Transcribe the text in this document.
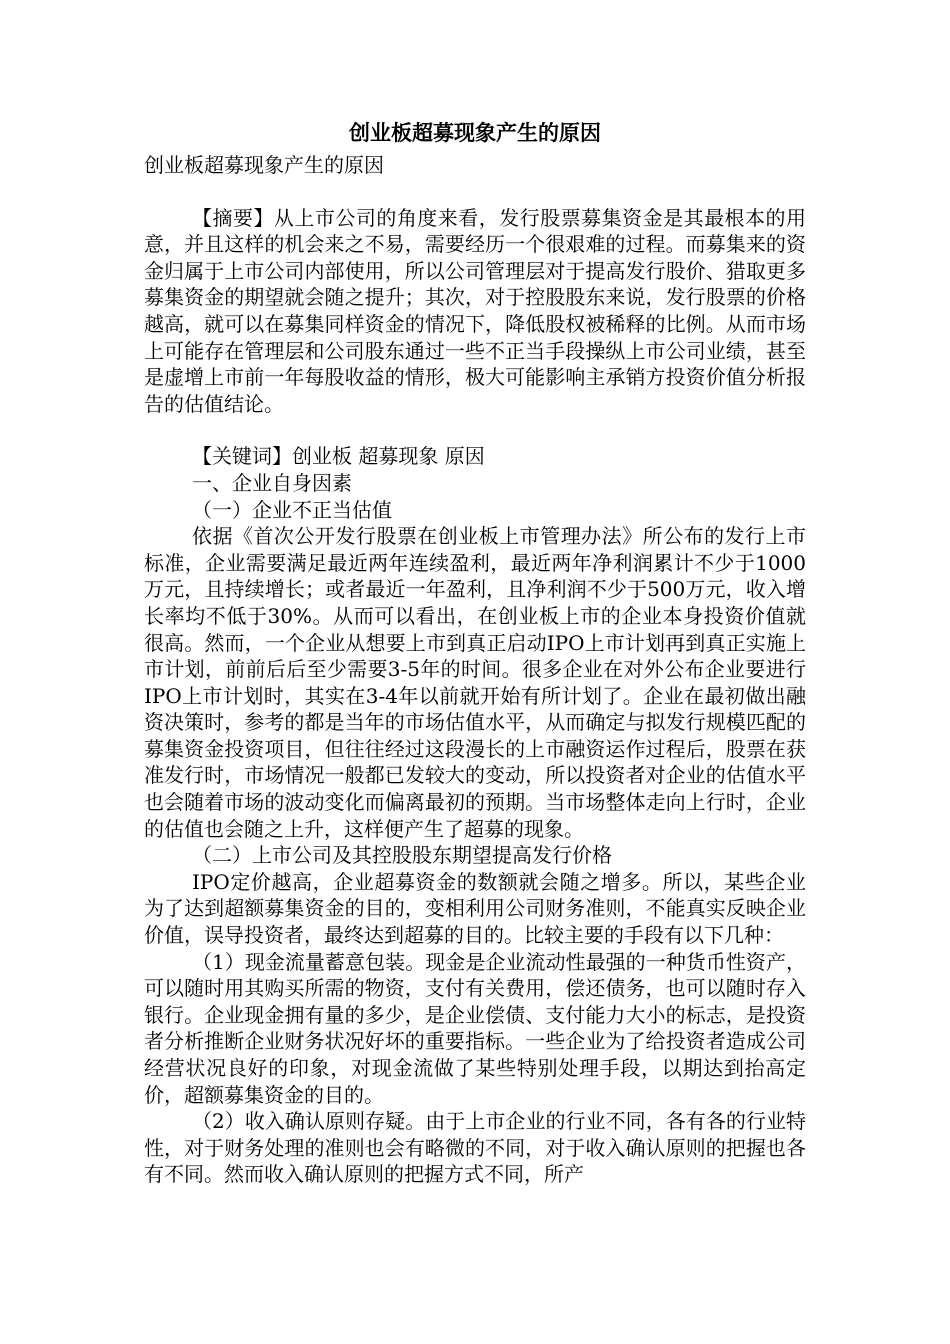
创业板超募现象产生的原因

创业板超募现象产生的原因

【摘要】从上市公司的角度来看，发行股票募集资金是其最根本的用意，并且这样的机会来之不易，需要经历一个很艰难的过程。而募集来的资金归属于上市公司内部使用，所以公司管理层对于提高发行股价、猎取更多募集资金的期望就会随之提升；其次，对于控股股东来说，发行股票的价格越高，就可以在募集同样资金的情况下，降低股权被稀释的比例。从而市场上可能存在管理层和公司股东通过一些不正当手段操纵上市公司业绩，甚至是虚增上市前一年每股收益的情形，极大可能影响主承销方投资价值分析报告的估值结论。

【关键词】创业板 超募现象 原因

一、企业自身因素

（一）企业不正当估值

依据《首次公开发行股票在创业板上市管理办法》所公布的发行上市标准，企业需要满足最近两年连续盈利，最近两年净利润累计不少于1000万元，且持续增长；或者最近一年盈利，且净利润不少于500万元，收入增长率均不低于30%。从而可以看出，在创业板上市的企业本身投资价值就很高。然而，一个企业从想要上市到真正启动IPO上市计划再到真正实施上市计划，前前后后至少需要3-5年的时间。很多企业在对外公布企业要进行IPO上市计划时，其实在3-4年以前就开始有所计划了。企业在最初做出融资决策时，参考的都是当年的市场估值水平，从而确定与拟发行规模匹配的募集资金投资项目，但往往经过这段漫长的上市融资运作过程后，股票在获准发行时，市场情况一般都已发较大的变动，所以投资者对企业的估值水平也会随着市场的波动变化而偏离最初的预期。当市场整体走向上行时，企业的估值也会随之上升，这样便产生了超募的现象。

（二）上市公司及其控股股东期望提高发行价格

IPO定价越高，企业超募资金的数额就会随之增多。所以，某些企业为了达到超额募集资金的目的，变相利用公司财务准则，不能真实反映企业价值，误导投资者，最终达到超募的目的。比较主要的手段有以下几种：

（1）现金流量蓄意包装。现金是企业流动性最强的一种货币性资产，可以随时用其购买所需的物资，支付有关费用，偿还债务，也可以随时存入银行。企业现金拥有量的多少，是企业偿债、支付能力大小的标志，是投资者分析推断企业财务状况好坏的重要指标。一些企业为了给投资者造成公司经营状况良好的印象，对现金流做了某些特别处理手段，以期达到抬高定价，超额募集资金的目的。

（2）收入确认原则存疑。由于上市企业的行业不同，各有各的行业特性，对于财务处理的准则也会有略微的不同，对于收入确认原则的把握也各有不同。然而收入确认原则的把握方式不同，所产
